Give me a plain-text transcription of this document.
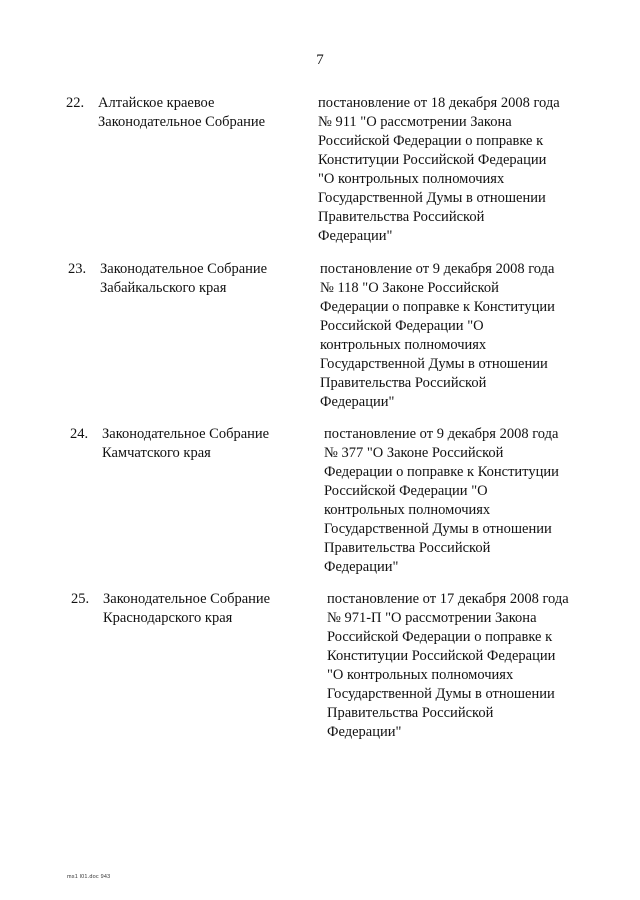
7
22. Алтайское краевое
Законодательное Собрание
постановление от 18 декабря 2008 года
№ 911 "О рассмотрении Закона
Российской Федерации о поправке к
Конституции Российской Федерации
"О контрольных полномочиях
Государственной Думы в отношении
Правительства Российской
Федерации"
23. Законодательное Собрание
Забайкальского края
постановление от 9 декабря 2008 года
№ 118 "О Законе Российской
Федерации о поправке к Конституции
Российской Федерации "О
контрольных полномочиях
Государственной Думы в отношении
Правительства Российской
Федерации"
24. Законодательное Собрание
Камчатского края
постановление от 9 декабря 2008 года
№ 377 "О Законе Российской
Федерации о поправке к Конституции
Российской Федерации "О
контрольных полномочиях
Государственной Думы в отношении
Правительства Российской
Федерации"
25. Законодательное Собрание
Краснодарского края
постановление от 17 декабря 2008 года
№ 971-П "О рассмотрении Закона
Российской Федерации о поправке к
Конституции Российской Федерации
"О контрольных полномочиях
Государственной Думы в отношении
Правительства Российской
Федерации"
ms1 l01.doc 943
